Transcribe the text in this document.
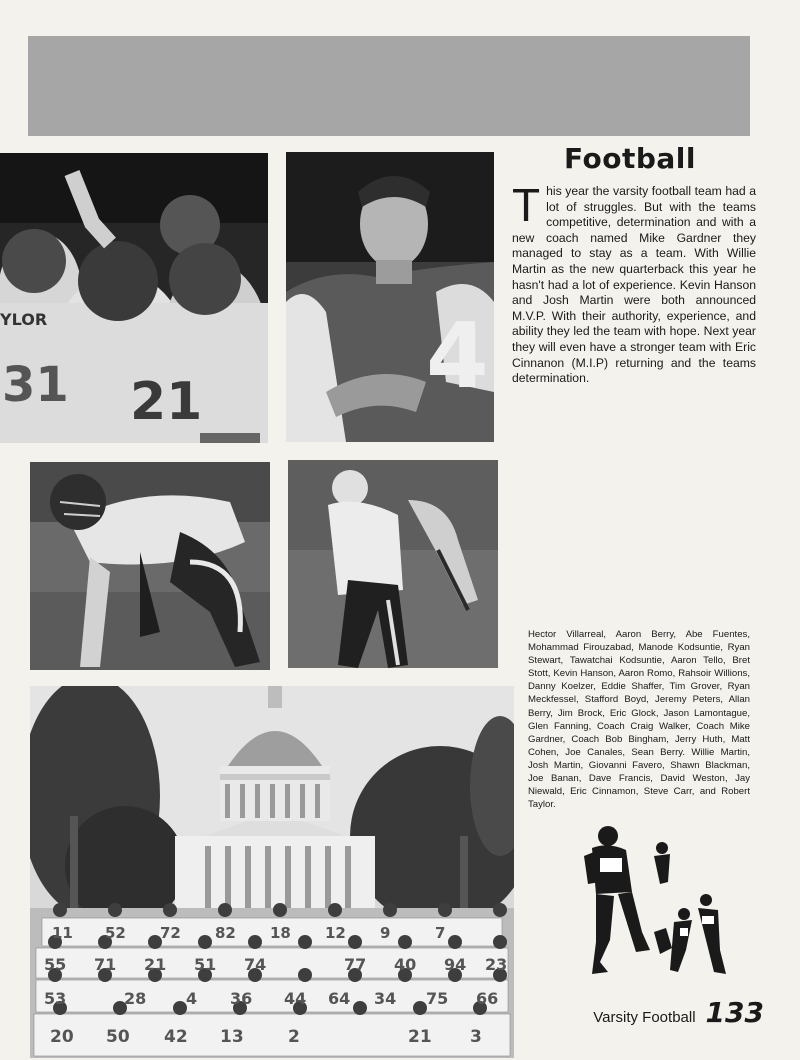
YLOR
31 21 4
11 52 72 82 18 12 9	7
55 71 21 51 74	77 40 94 23
53	28 4 36 44 64 34 75 66
20 50 42 13	2	21 3
Football

This year the varsity football team had a lot of struggles. But with the teams competitive, determination and with a new coach named Mike Gardner they managed to stay as a team. With Willie Martin as the new quarterback this year he hasn't had a lot of experience. Kevin Hanson and Josh Martin were both announced M.V.P. With their authority, experience, and ability they led the team with hope. Next year they will even have a stronger team with Eric Cinnanon (M.I.P) returning and the teams determination.

Hector Villarreal, Aaron Berry, Abe Fuentes, Mohammad Firouzabad, Manode Kodsuntie, Ryan Stewart, Tawatchai Kodsuntie, Aaron Tello, Bret Stott, Kevin Hanson, Aaron Romo, Rahsoir Willions, Danny Koelzer, Eddie Shaffer, Tim Grover, Ryan Meckfessel, Stafford Boyd, Jeremy Peters, Allan Berry, Jim Brock, Eric Glock, Jason Lamontague, Glen Fanning, Coach Craig Walker, Coach Mike Gardner, Coach Bob Bingham, Jerry Huth, Matt Cohen, Joe Canales, Sean Berry. Willie Martin, Josh Martin, Giovanni Favero, Shawn Blackman, Joe Banan, Dave Francis, David Weston, Jay Niewald, Eric Cinnamon, Steve Carr, and Robert Taylor.

Varsity Football 133
